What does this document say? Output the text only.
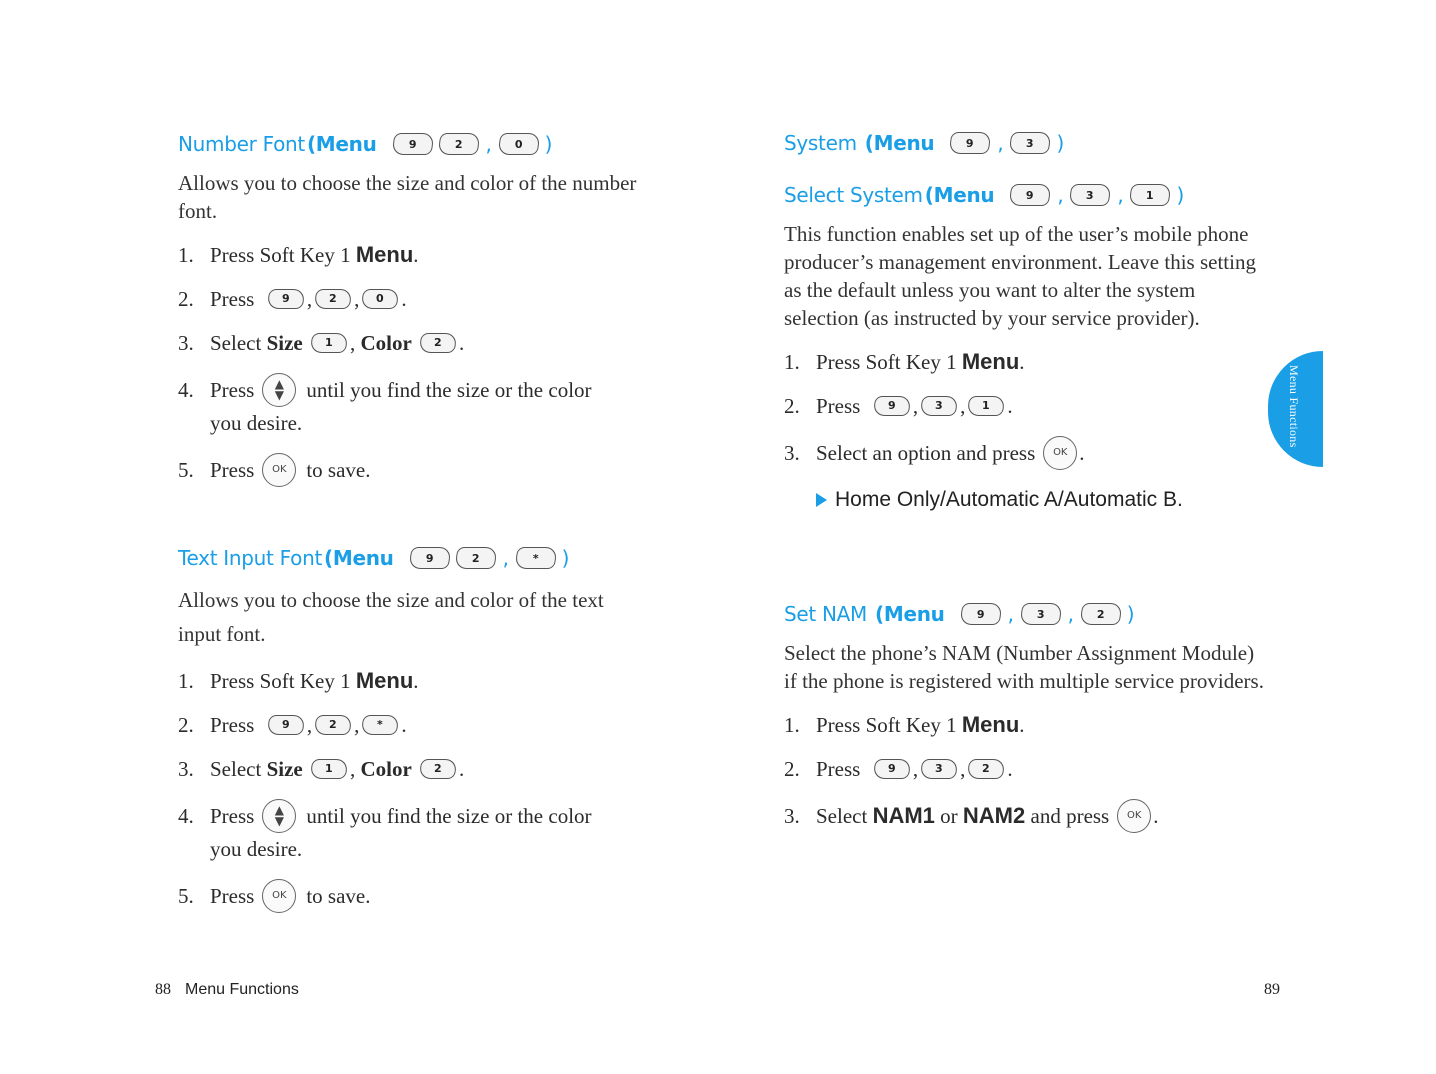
Number Font (Menu	9	2 , 0 )
Allows you to choose the size and color of the number font.
1. Press Soft Key 1
Menu .
2. Press
	9 , 2 , 0 .
3. Select
Size
1 , Color
2 .
4. Press	▲
▼	until you find the size or the color
you desire.
5. Press	OK to save.
Text Input Font (Menu	9	2 , * )
Allows you to choose the size and color of the text input font.
1. Press Soft Key 1
Menu .
2. Press
	9 , 2 , * .
3. Select
Size
1 , Color
2 .
4. Press	▲
▼	until you find the size or the color
you desire.
5. Press	OK to save.
88 Menu Functions
System (Menu	9 , 3 )
Select System (Menu	9 , 3 , 1 )
This function enables set up of the user’s mobile phone producer’s management environment. Leave this setting as the default unless you want to alter the system selection (as instructed by your service provider).
1. Press Soft Key 1
Menu .
2. Press
	9 , 3 , 1 .
3. Select an option and press	OK .
Home Only/Automatic A/Automatic B.
Set NAM (Menu	9 , 3 , 2 )
Select the phone’s NAM (Number Assignment Module) if the phone is registered with multiple service providers.
1. Press Soft Key 1
Menu .
2. Press
	9 , 3 , 2 .
3. Select
NAM1
or
NAM2
and press	OK .
89
Menu Functions
